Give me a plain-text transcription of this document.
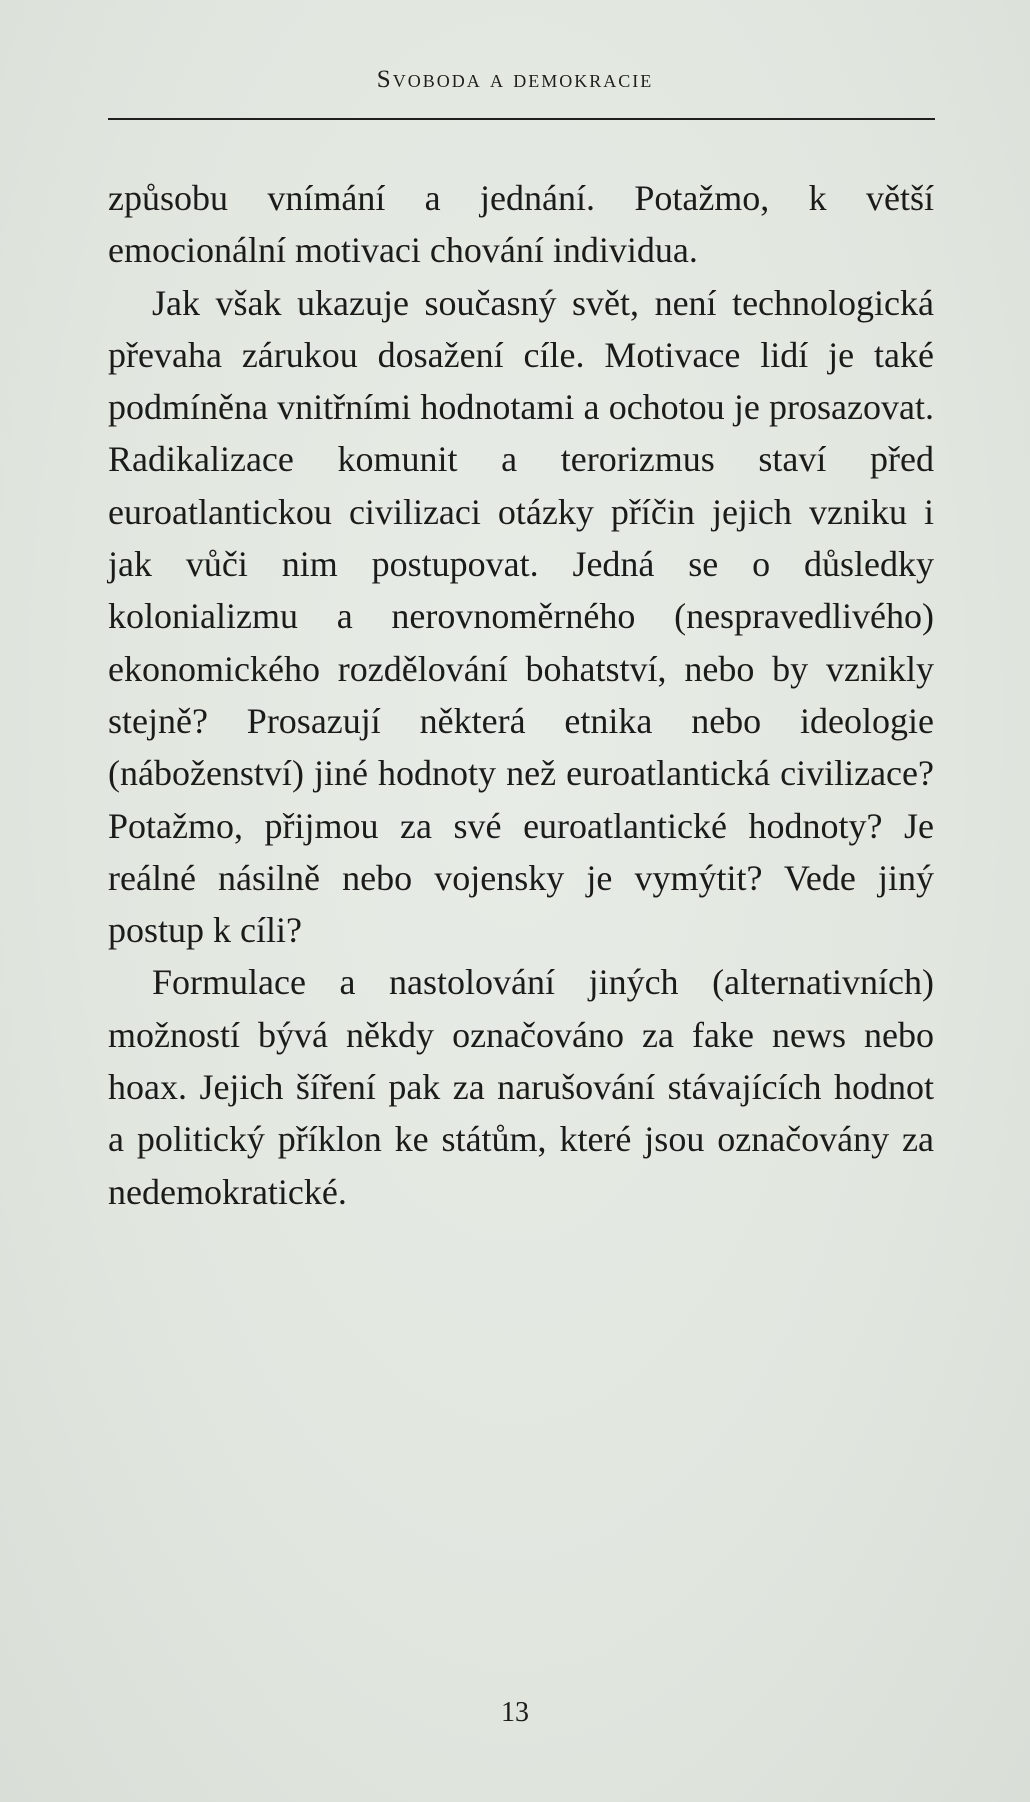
Svoboda a demokracie

způsobu vnímání a jednání. Potažmo, k větší emocionální motivaci chování individua.

Jak však ukazuje současný svět, není technologická převaha zárukou dosažení cíle. Motivace lidí je také podmíněna vnitřními hodnotami a ochotou je prosazovat. Radikalizace komunit a terorizmus staví před euroatlantickou civilizaci otázky příčin jejich vzniku i jak vůči nim postupovat. Jedná se o důsledky kolonializmu a nerovnoměrného (nespravedlivého) ekonomického rozdělování bohatství, nebo by vznikly stejně? Prosazují některá etnika nebo ideologie (náboženství) jiné hodnoty než euroatlantická civilizace? Potažmo, přijmou za své euroatlantické hodnoty? Je reálné násilně nebo vojensky je vymýtit? Vede jiný postup k cíli?

Formulace a nastolování jiných (alternativních) možností bývá někdy označováno za fake news nebo hoax. Jejich šíření pak za narušování stávajících hodnot a politický příklon ke státům, které jsou označovány za nedemokratické.

13
